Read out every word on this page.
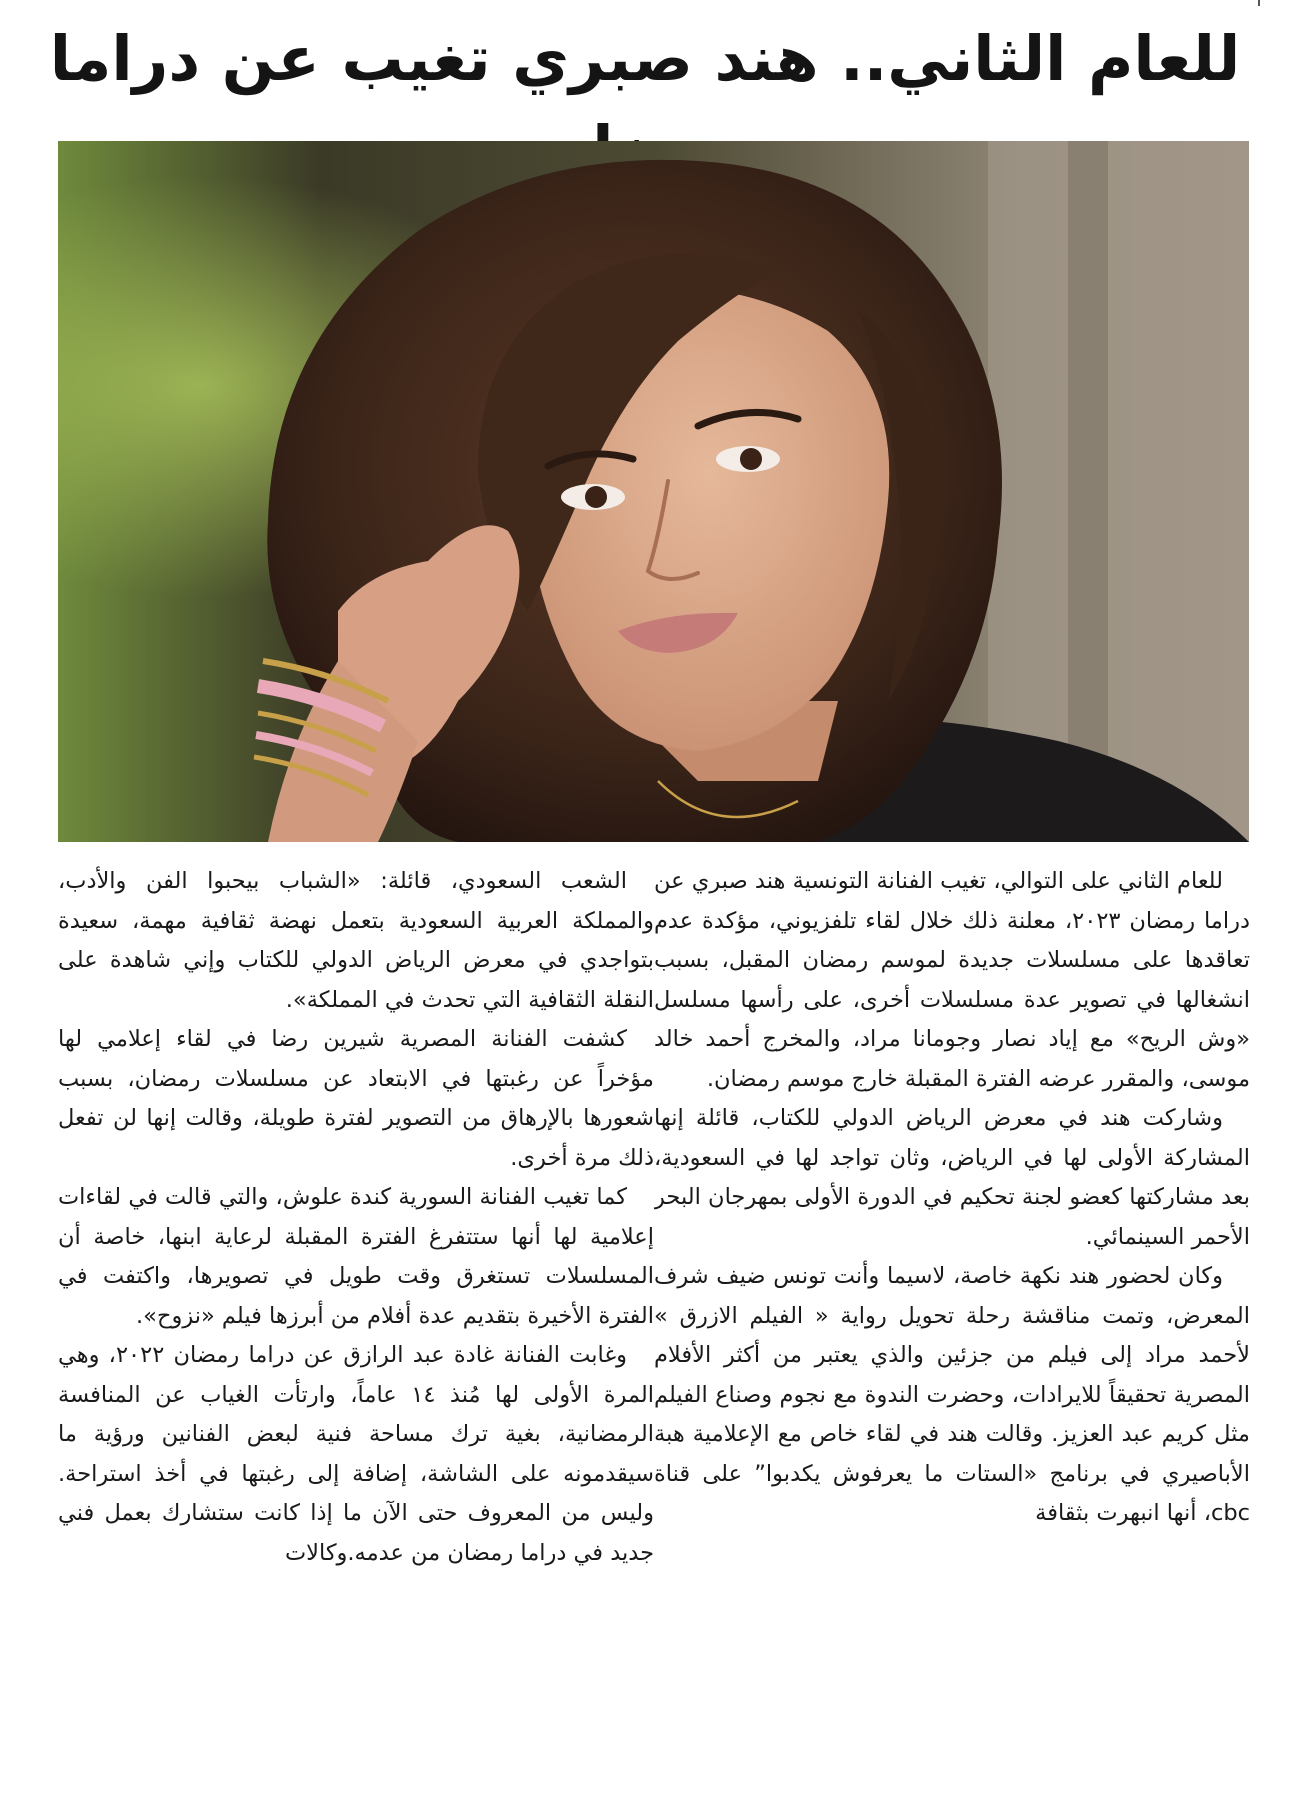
للعام الثاني.. هند صبري تغيب عن دراما

للعام الثاني على التوالي، تغيب الفنانة التونسية هند صبري عن دراما رمضان ٢٠٢٣، معلنة ذلك خلال لقاء تلفزيوني، مؤكدة عدم تعاقدها على مسلسلات جديدة لموسم رمضان المقبل، بسبب انشغالها في تصوير عدة مسلسلات أخرى، على رأسها مسلسل «وش الريح» مع إياد نصار وجومانا مراد، والمخرج أحمد خالد موسى، والمقرر عرضه الفترة المقبلة خارج موسم رمضان.

وشاركت هند في معرض الرياض الدولي للكتاب، قائلة إنها المشاركة الأولى لها في الرياض، وثان تواجد لها في السعودية، بعد مشاركتها كعضو لجنة تحكيم في الدورة الأولى بمهرجان البحر الأحمر السينمائي.

وكان لحضور هند نكهة خاصة، لاسيما وأنت تونس ضيف شرف المعرض، وتمت مناقشة رحلة تحويل رواية « الفيلم الازرق » لأحمد مراد إلى فيلم من جزئين والذي يعتبر من أكثر الأفلام المصرية تحقيقاً للايرادات، وحضرت الندوة مع نجوم وصناع الفيلم مثل كريم عبد العزيز. وقالت هند في لقاء خاص مع الإعلامية هبة الأباصيري في برنامج «الستات ما يعرفوش يكدبوا” على قناة cbc، أنها انبهرت بثقافة

الشعب السعودي، قائلة: «الشباب بيحبوا الفن والأدب، والمملكة العربية السعودية بتعمل نهضة ثقافية مهمة، سعيدة بتواجدي في معرض الرياض الدولي للكتاب وإني شاهدة على النقلة الثقافية التي تحدث في المملكة».

كشفت الفنانة المصرية شيرين رضا في لقاء إعلامي لها مؤخراً عن رغبتها في الابتعاد عن مسلسلات رمضان، بسبب شعورها بالإرهاق من التصوير لفترة طويلة، وقالت إنها لن تفعل ذلك مرة أخرى.

كما تغيب الفنانة السورية كندة علوش، والتي قالت في لقاءات إعلامية لها أنها ستتفرغ الفترة المقبلة لرعاية ابنها، خاصة أن المسلسلات تستغرق وقت طويل في تصويرها، واكتفت في الفترة الأخيرة بتقديم عدة أفلام من أبرزها فيلم «نزوح».

وغابت الفنانة غادة عبد الرازق عن دراما رمضان ٢٠٢٢، وهي المرة الأولى لها مُنذ ١٤ عاماً، وارتأت الغياب عن المنافسة الرمضانية، بغية ترك مساحة فنية لبعض الفنانين ورؤية ما سيقدمونه على الشاشة، إضافة إلى رغبتها في أخذ استراحة. وليس من المعروف حتى الآن ما إذا كانت ستشارك بعمل فني جديد في دراما رمضان من عدمه.وكالات
